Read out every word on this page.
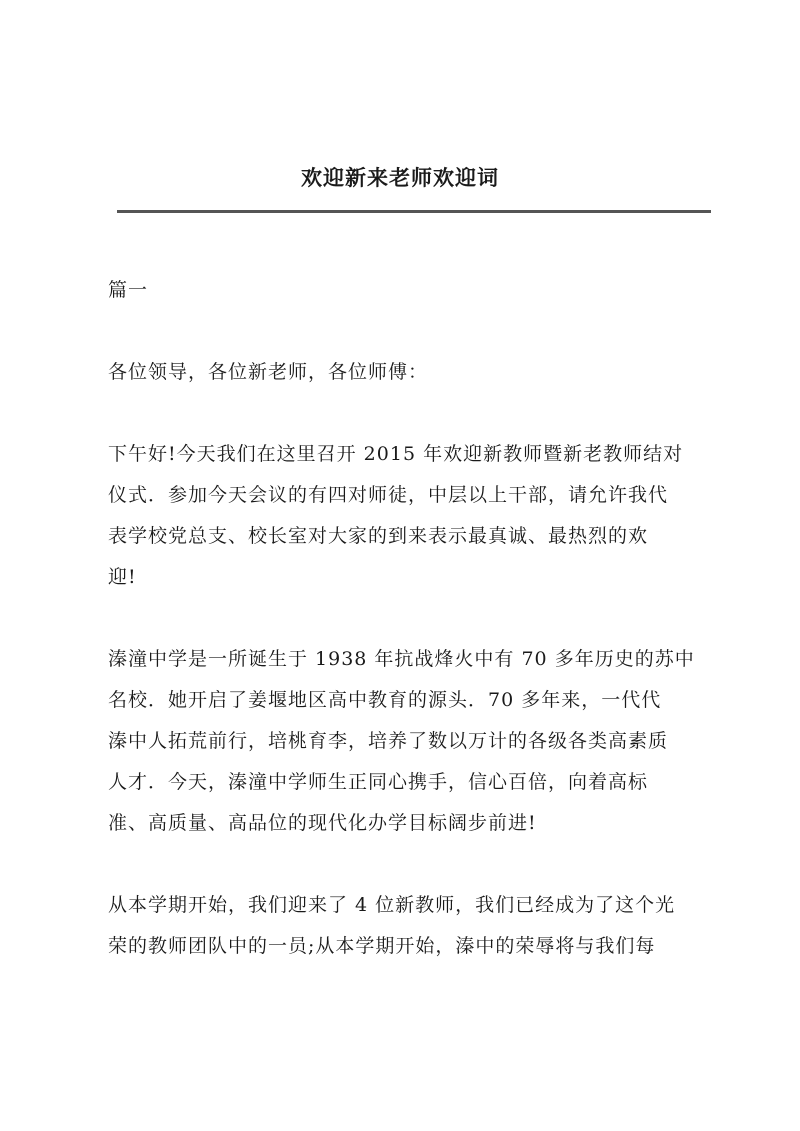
欢迎新来老师欢迎词

篇一

各位领导，各位新老师，各位师傅：

下午好!今天我们在这里召开 2015 年欢迎新教师暨新老教师结对
仪式．参加今天会议的有四对师徒，中层以上干部，请允许我代
表学校党总支、校长室对大家的到来表示最真诚、最热烈的欢
迎!

溱潼中学是一所诞生于 1938 年抗战烽火中有 70 多年历史的苏中
名校．她开启了姜堰地区高中教育的源头．70 多年来，一代代
溱中人拓荒前行，培桃育李，培养了数以万计的各级各类高素质
人才．今天，溱潼中学师生正同心携手，信心百倍，向着高标
准、高质量、高品位的现代化办学目标阔步前进!

从本学期开始，我们迎来了 4 位新教师，我们已经成为了这个光
荣的教师团队中的一员;从本学期开始，溱中的荣辱将与我们每
